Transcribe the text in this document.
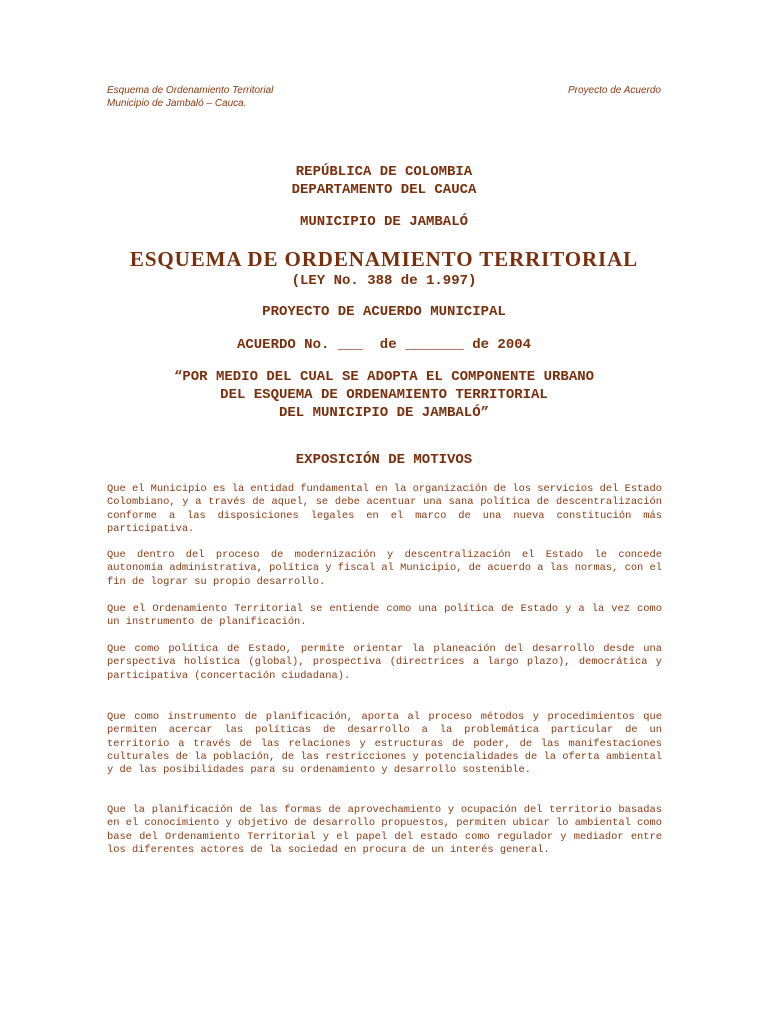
Esquema de Ordenamiento Territorial
Municipio de Jambaló – Cauca.
Proyecto de Acuerdo
REPÚBLICA DE COLOMBIA
DEPARTAMENTO DEL CAUCA
MUNICIPIO DE JAMBALÓ
ESQUEMA DE ORDENAMIENTO TERRITORIAL
(LEY No. 388 de 1.997)
PROYECTO DE ACUERDO MUNICIPAL
ACUERDO No. ___  de _______ de 2004
“POR MEDIO DEL CUAL SE ADOPTA EL COMPONENTE URBANO
DEL ESQUEMA DE ORDENAMIENTO TERRITORIAL
DEL MUNICIPIO DE JAMBALÓ”
EXPOSICIÓN DE MOTIVOS

Que el Municipio es la entidad fundamental en la organización de los servicios del Estado Colombiano, y a través de aquel, se debe acentuar una sana política de descentralización conforme a las disposiciones legales en el marco de una nueva constitución más participativa.

Que dentro del proceso de modernización y descentralización el Estado le concede autonomía administrativa, política y fiscal al Municipio, de acuerdo a las normas, con el fin de lograr su propio desarrollo.

Que el Ordenamiento Territorial se entiende como una política de Estado y a la vez como un instrumento de planificación.

Que como política de Estado, permite orientar la planeación del desarrollo desde una perspectiva holística (global), prospectiva (directrices a largo plazo), democrática y participativa (concertación ciudadana).

Que como instrumento de planificación, aporta al proceso métodos y procedimientos que permiten acercar las políticas de desarrollo a la problemática particular de un territorio a través de las relaciones y estructuras de poder, de las manifestaciones culturales de la población, de las restricciones y potencialidades de la oferta ambiental y de las posibilidades para su ordenamiento y desarrollo sostenible.

Que la planificación de las formas de aprovechamiento y ocupación del territorio basadas en el conocimiento y objetivo de desarrollo propuestos, permiten ubicar lo ambiental como base del Ordenamiento Territorial y el papel del estado como regulador y mediador entre los diferentes actores de la sociedad en procura de un interés general.
